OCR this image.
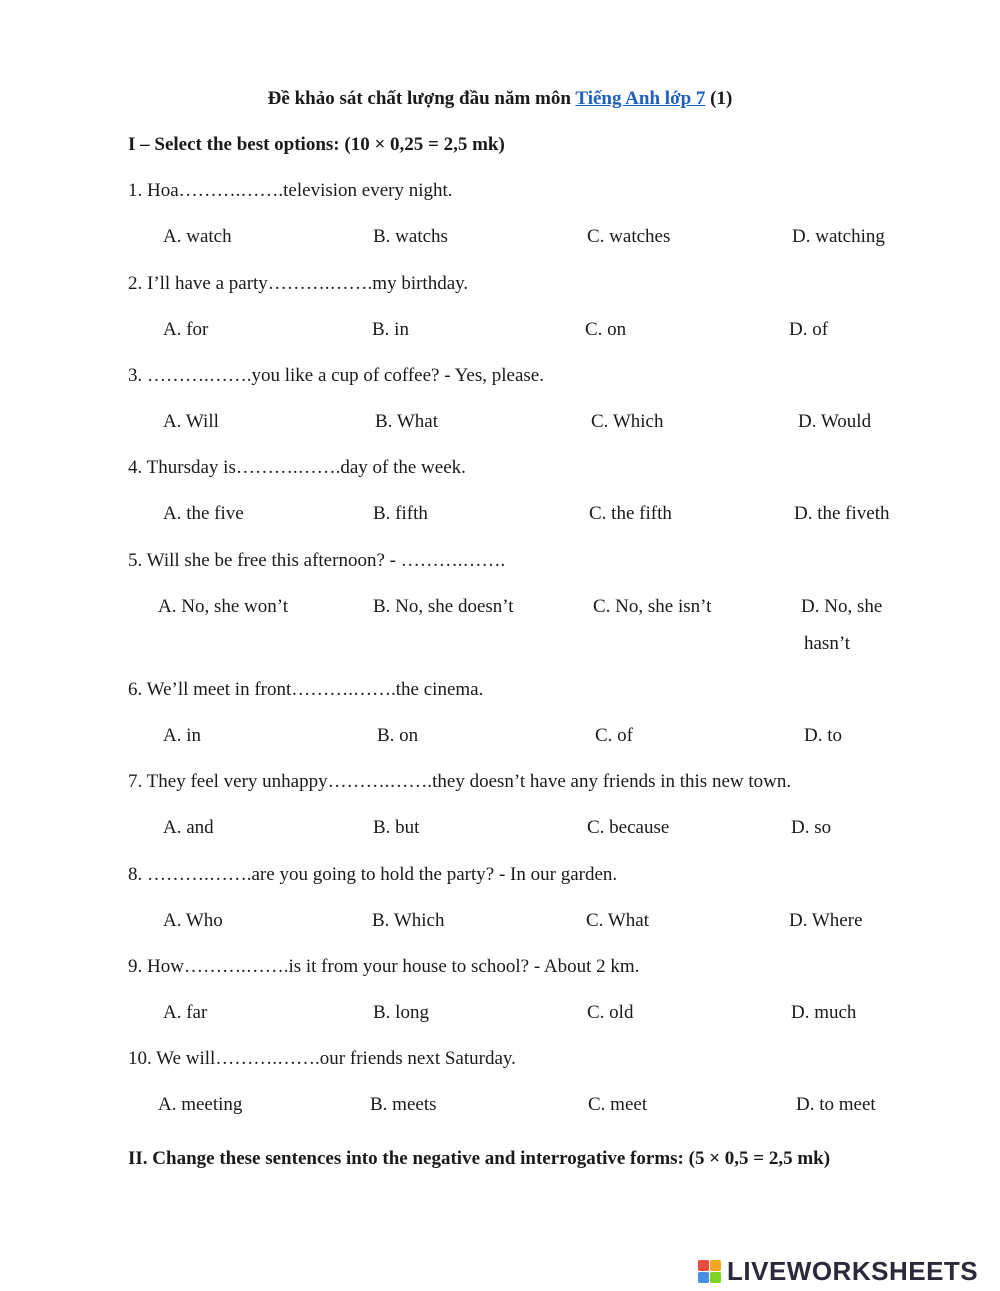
Đề khảo sát chất lượng đầu năm môn Tiếng Anh lớp 7 (1)
I – Select the best options: (10 × 0,25 = 2,5 mk)
1. Hoa……….…….television every night.
A. watch	B. watchs	C. watches	D. watching
2. I’ll have a party……….…….my birthday.
A. for	B. in	C. on	D. of
3. ……….…….you like a cup of coffee? - Yes, please.
A. Will	B. What	C. Which	D. Would
4. Thursday is……….…….day of the week.
A. the five	B. fifth	C. the fifth	D. the fiveth
5. Will she be free this afternoon? - ……….…….
A. No, she won’t	B. No, she doesn’t	C. No, she isn’t	D. No, she
hasn’t
6. We’ll meet in front……….…….the cinema.
A. in	B. on	C. of	D. to
7. They feel very unhappy……….…….they doesn’t have any friends in this new town.
A. and	B. but	C. because	D. so
8. ……….…….are you going to hold the party? - In our garden.
A. Who	B. Which	C. What	D. Where
9. How……….…….is it from your house to school? - About 2 km.
A. far	B. long	C. old	D. much
10. We will……….…….our friends next Saturday.
A. meeting	B. meets	C. meet	D. to meet
II. Change these sentences into the negative and interrogative forms: (5 × 0,5 = 2,5 mk)
LIVEWORKSHEETS
